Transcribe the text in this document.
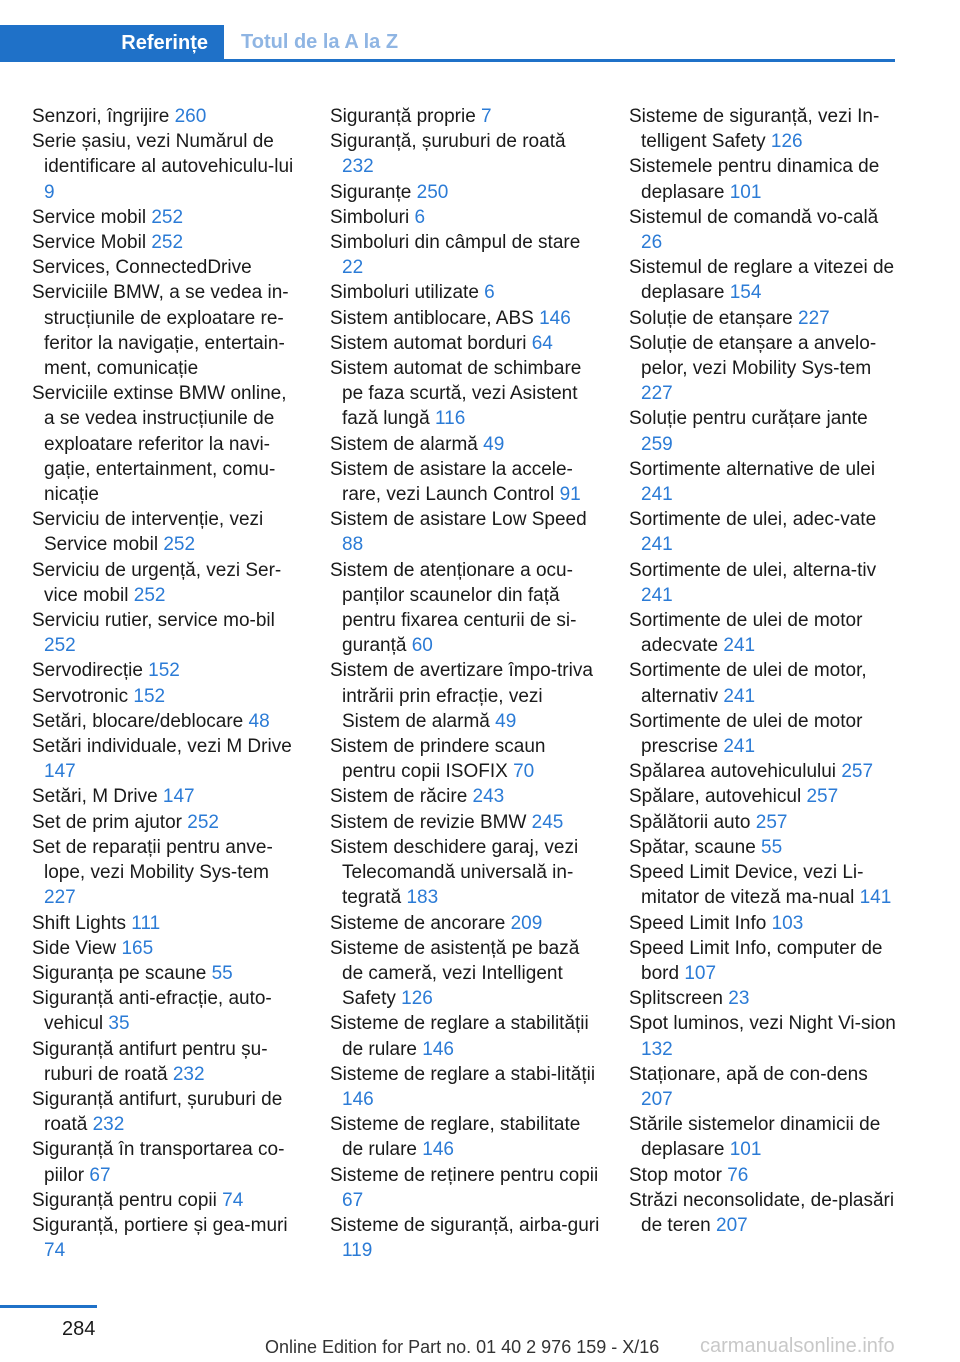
Referințe Totul de la A la Z
Senzori, îngrijire 260
Serie șasiu, vezi Numărul de identificare al autovehiculu-lui 9
Service mobil 252
Service Mobil 252
Services, ConnectedDrive
Serviciile BMW, a se vedea in-strucțiunile de exploatare re-feritor la navigație, entertain-ment, comunicație
Serviciile extinse BMW online, a se vedea instrucțiunile de exploatare referitor la navi-gație, entertainment, comu-nicație
Serviciu de intervenție, vezi Service mobil 252
Serviciu de urgență, vezi Ser-vice mobil 252
Serviciu rutier, service mo-bil 252
Servodirecție 152
Servotronic 152
Setări, blocare/deblocare 48
Setări individuale, vezi M Drive 147
Setări, M Drive 147
Set de prim ajutor 252
Set de reparații pentru anve-lope, vezi Mobility Sys-tem 227
Shift Lights 111
Side View 165
Siguranța pe scaune 55
Siguranță anti-efracție, auto-vehicul 35
Siguranță antifurt pentru șu-ruburi de roată 232
Siguranță antifurt, șuruburi de roată 232
Siguranță în transportarea co-piilor 67
Siguranță pentru copii 74
Siguranță, portiere și gea-muri 74
Siguranță proprie 7
Siguranță, șuruburi de roată 232
Siguranțe 250
Simboluri 6
Simboluri din câmpul de stare 22
Simboluri utilizate 6
Sistem antiblocare, ABS 146
Sistem automat borduri 64
Sistem automat de schimbare pe faza scurtă, vezi Asistent fază lungă 116
Sistem de alarmă 49
Sistem de asistare la accele-rare, vezi Launch Control 91
Sistem de asistare Low Speed 88
Sistem de atenționare a ocu-panților scaunelor din față pentru fixarea centurii de si-guranță 60
Sistem de avertizare împo-triva intrării prin efracție, vezi Sistem de alarmă 49
Sistem de prindere scaun pentru copii ISOFIX 70
Sistem de răcire 243
Sistem de revizie BMW 245
Sistem deschidere garaj, vezi Telecomandă universală in-tegrată 183
Sisteme de ancorare 209
Sisteme de asistență pe bază de cameră, vezi Intelligent Safety 126
Sisteme de reglare a stabilității de rulare 146
Sisteme de reglare a stabi-lității 146
Sisteme de reglare, stabilitate de rulare 146
Sisteme de reținere pentru copii 67
Sisteme de siguranță, airba-guri 119
Sisteme de siguranță, vezi In-telligent Safety 126
Sistemele pentru dinamica de deplasare 101
Sistemul de comandă vo-cală 26
Sistemul de reglare a vitezei de deplasare 154
Soluție de etanșare 227
Soluție de etanșare a anvelo-pelor, vezi Mobility Sys-tem 227
Soluție pentru curățare jante 259
Sortimente alternative de ulei 241
Sortimente de ulei, adec-vate 241
Sortimente de ulei, alterna-tiv 241
Sortimente de ulei de motor adecvate 241
Sortimente de ulei de motor, alternativ 241
Sortimente de ulei de motor prescrise 241
Spălarea autovehiculului 257
Spălare, autovehicul 257
Spălătorii auto 257
Spătar, scaune 55
Speed Limit Device, vezi Li-mitator de viteză ma-nual 141
Speed Limit Info 103
Speed Limit Info, computer de bord 107
Splitscreen 23
Spot luminos, vezi Night Vi-sion 132
Staționare, apă de con-dens 207
Stările sistemelor dinamicii de deplasare 101
Stop motor 76
Străzi neconsolidate, de-plasări de teren 207
284
Online Edition for Part no. 01 40 2 976 159 - X/16 carmanualsonline.info
